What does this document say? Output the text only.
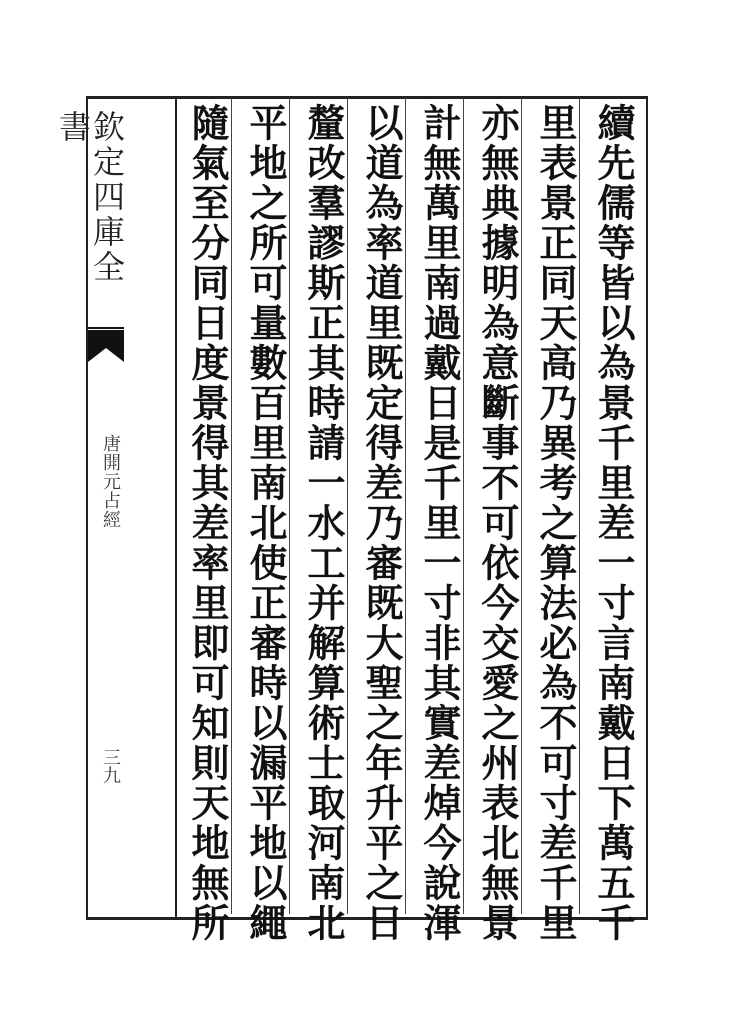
欽定四庫全書
唐開元占經
三九	續先儒等皆以為景千里差一寸言南戴日下萬五千
里表景正同天高乃異考之算法必為不可寸差千里
亦無典據明為意斷事不可依今交愛之州表北無景
計無萬里南過戴日是千里一寸非其實差焯今說渾
以道為率道里既定得差乃審既大聖之年升平之日
釐改羣謬斯正其時請一水工并解算術士取河南北
平地之所可量數百里南北使正審時以漏平地以繩
隨氣至分同日度景得其差率里即可知則天地無所
